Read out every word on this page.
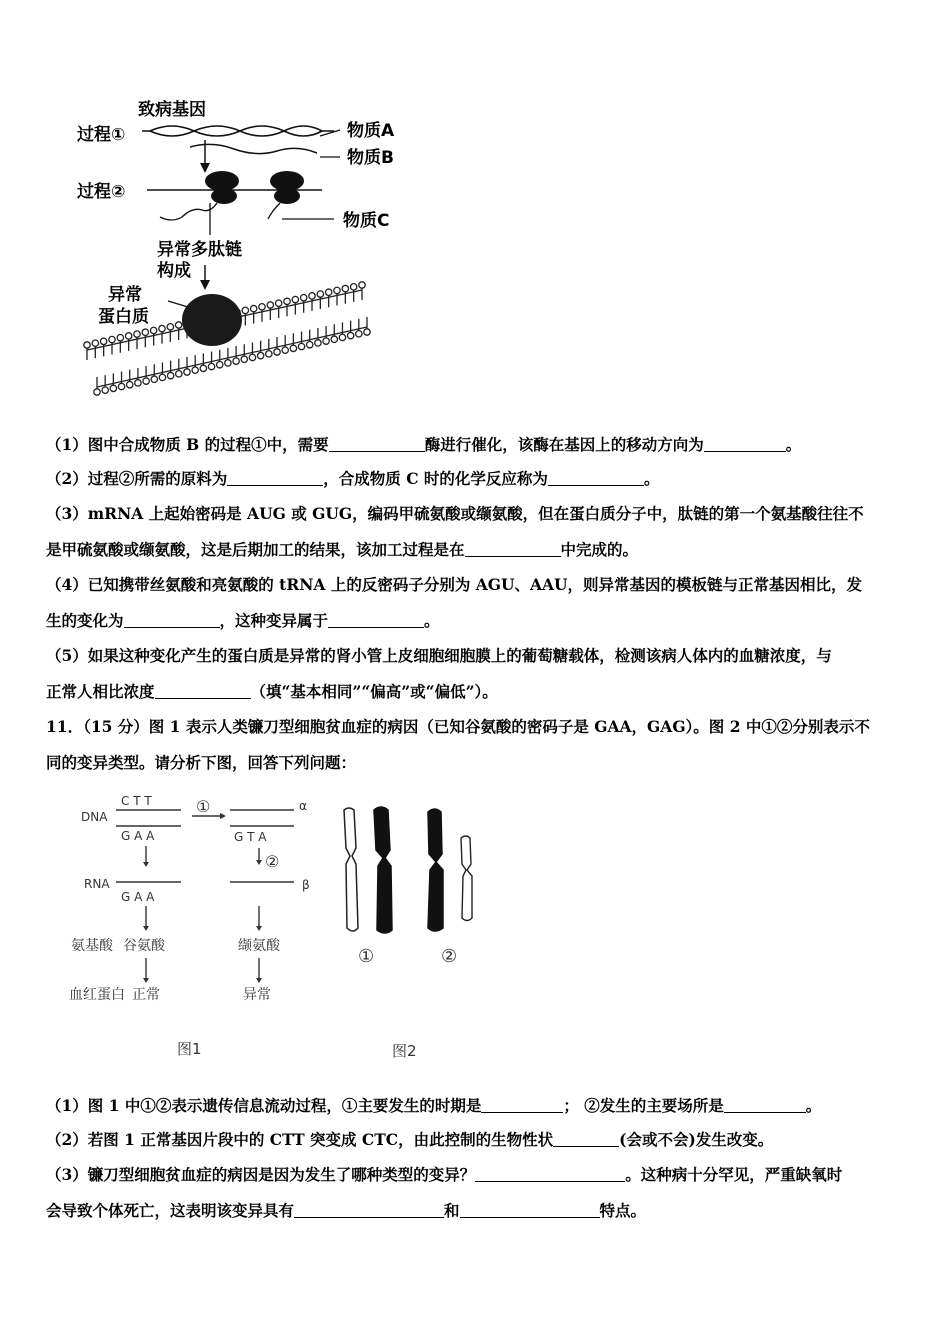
致病基因
过程①
过程②
物质A
物质B
物质C
异常多肽链
构成
异常
蛋白质
（1）图中合成物质 B 的过程①中，需要	酶进行催化，该酶在基因上的移动方向为	。
（2）过程②所需的原料为	，合成物质 C 时的化学反应称为	。
（3）mRNA 上起始密码是 AUG 或 GUG，编码甲硫氨酸或缬氨酸，但在蛋白质分子中，肽链的第一个氨基酸往往不
是甲硫氨酸或缬氨酸，这是后期加工的结果，该加工过程是在	中完成的。
（4）已知携带丝氨酸和亮氨酸的 tRNA 上的反密码子分别为 AGU、AAU，则异常基因的模板链与正常基因相比，发
生的变化为	，这种变异属于	。
（5）如果这种变化产生的蛋白质是异常的肾小管上皮细胞细胞膜上的葡萄糖载体，检测该病人体内的血糖浓度，与
正常人相比浓度	（填“基本相同”“偏高”或“偏低”）。
11．（15 分）图 1 表示人类镰刀型细胞贫血症的病因（已知谷氨酸的密码子是 GAA，GAG）。图 2 中①②分别表示不
同的变异类型。请分析下图，回答下列问题：
DNA
RNA
氨基酸
血红蛋白
C T T
G A A
G A A
谷氨酸
正常
G T A
缬氨酸
异常
①
②
α
β
图1
①	②
图2
（1）图 1 中①②表示遗传信息流动过程，①主要发生的时期是	； ②发生的主要场所是	。
（2）若图 1 正常基因片段中的 CTT 突变成 CTC，由此控制的生物性状	(会或不会)发生改变。
（3）镰刀型细胞贫血症的病因是因为发生了哪种类型的变异？	。这种病十分罕见，严重缺氧时
会导致个体死亡，这表明该变异具有	和	特点。
